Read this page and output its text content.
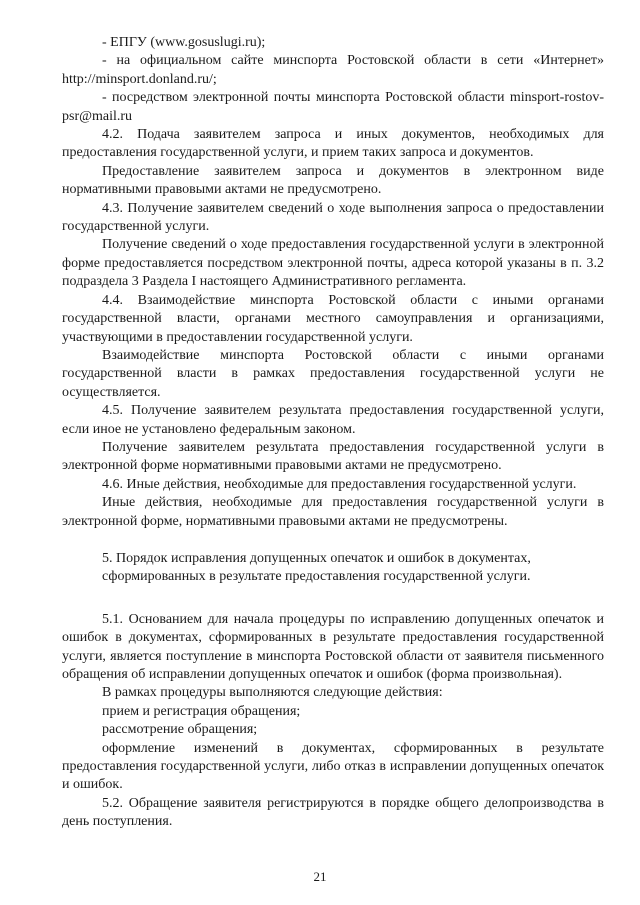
- ЕПГУ (www.gosuslugi.ru);

- на официальном сайте минспорта Ростовской области в сети «Интернет» http://minsport.donland.ru/;

- посредством электронной почты минспорта Ростовской области minsport-rostov-psr@mail.ru

4.2. Подача заявителем запроса и иных документов, необходимых для предоставления государственной услуги, и прием таких запроса и документов.

Предоставление заявителем запроса и документов в электронном виде нормативными правовыми актами не предусмотрено.

4.3. Получение заявителем сведений о ходе выполнения запроса о предоставлении государственной услуги.

Получение сведений о ходе предоставления государственной услуги в электронной форме предоставляется посредством электронной почты, адреса которой указаны в п. 3.2 подраздела 3 Раздела I настоящего Административного регламента.

4.4. Взаимодействие минспорта Ростовской области с иными органами государственной власти, органами местного самоуправления и организациями, участвующими в предоставлении государственной услуги.

Взаимодействие минспорта Ростовской области с иными органами государственной власти в рамках предоставления государственной услуги не осуществляется.

4.5. Получение заявителем результата предоставления государственной услуги, если иное не установлено федеральным законом.

Получение заявителем результата предоставления государственной услуги в электронной форме нормативными правовыми актами не предусмотрено.

4.6. Иные действия, необходимые для предоставления государственной услуги.

Иные действия, необходимые для предоставления государственной услуги в электронной форме, нормативными правовыми актами не предусмотрены.

5. Порядок исправления допущенных опечаток и ошибок в документах,

сформированных в результате предоставления государственной услуги.

5.1. Основанием для начала процедуры по исправлению допущенных опечаток и ошибок в документах, сформированных в результате предоставления государственной услуги, является поступление в минспорта Ростовской области от заявителя письменного обращения об исправлении допущенных опечаток и ошибок (форма произвольная).

В рамках процедуры выполняются следующие действия:

прием и регистрация обращения;

рассмотрение обращения;

оформление изменений в документах, сформированных в результате предоставления государственной услуги, либо отказ в исправлении допущенных опечаток и ошибок.

5.2. Обращение заявителя регистрируются в порядке общего делопроизводства в день поступления.

21
